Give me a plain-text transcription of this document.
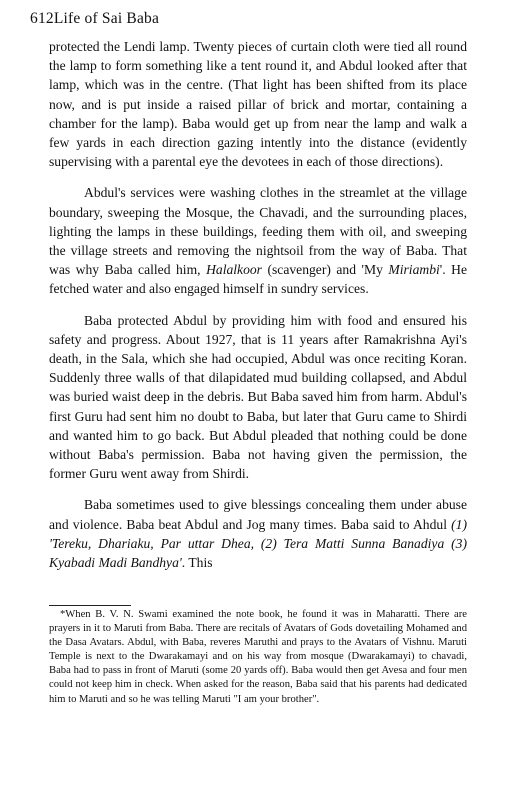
612Life of Sai Baba

protected the Lendi lamp. Twenty pieces of curtain cloth were tied all round the lamp to form something like a tent round it, and Abdul looked after that lamp, which was in the centre. (That light has been shifted from its place now, and is put inside a raised pillar of brick and mortar, containing a chamber for the lamp). Baba would get up from near the lamp and walk a few yards in each direction gazing intently into the distance (evidently supervising with a parental eye the devotees in each of those directions).

Abdul's services were washing clothes in the streamlet at the village boundary, sweeping the Mosque, the Chavadi, and the surrounding places, lighting the lamps in these buildings, feeding them with oil, and sweeping the village streets and removing the nightsoil from the way of Baba. That was why Baba called him, Halalkoor (scavenger) and 'My Miriambi'. He fetched water and also engaged himself in sundry services.

Baba protected Abdul by providing him with food and ensured his safety and progress. About 1927, that is 11 years after Ramakrishna Ayi's death, in the Sala, which she had occupied, Abdul was once reciting Koran. Suddenly three walls of that dilapidated mud building collapsed, and Abdul was buried waist deep in the debris. But Baba saved him from harm. Abdul's first Guru had sent him no doubt to Baba, but later that Guru came to Shirdi and wanted him to go back. But Abdul pleaded that nothing could be done without Baba's permission. Baba not having given the permission, the former Guru went away from Shirdi.

Baba sometimes used to give blessings concealing them under abuse and violence. Baba beat Abdul and Jog many times. Baba said to Ahdul (1) 'Tereku, Dhariaku, Par uttar Dhea, (2) Tera Matti Sunna Banadiya (3) Kyabadi Madi Bandhya'. This

*When B. V. N. Swami examined the note book, he found it was in Maharatti. There are prayers in it to Maruti from Baba. There are recitals of Avatars of Gods dovetailing Mohamed and the Dasa Avatars. Abdul, with Baba, reveres Maruthi and prays to the Avatars of Vishnu. Maruti Temple is next to the Dwarakamayi and on his way from mosque (Dwarakamayi) to chavadi, Baba had to pass in front of Maruti (some 20 yards off). Baba would then get Avesa and four men could not keep him in check. When asked for the reason, Baba said that his parents had dedicated him to Maruti and so he was telling Maruti "I am your brother".
